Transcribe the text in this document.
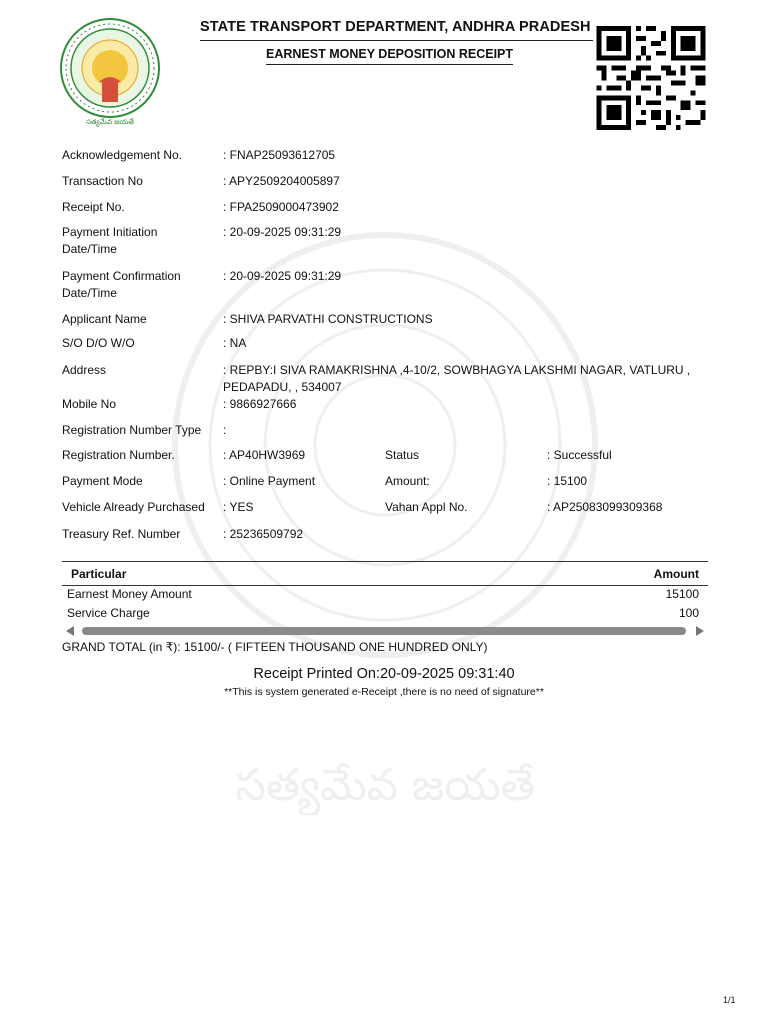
సత్యమేవ జయతే
సత్యమేవ జయతే
STATE TRANSPORT DEPARTMENT, ANDHRA PRADESH
EARNEST MONEY DEPOSITION RECEIPT
Acknowledgement No.	: FNAP25093612705
Transaction No	: APY2509204005897
Receipt No.	: FPA2509000473902
Payment Initiation
Date/Time
: 20-09-2025 09:31:29
Payment Confirmation
Date/Time
: 20-09-2025 09:31:29
Applicant Name	: SHIVA PARVATHI CONSTRUCTIONS
S/O D/O W/O	: NA
Address	: REPBY:I SIVA RAMAKRISHNA ,4-10/2, SOWBHAGYA LAKSHMI NAGAR, VATLURU ,
PEDAPADU, , 534007
Mobile No	: 9866927666
Registration Number Type :
Registration Number.	: AP40HW3969	Status	: Successful
Payment Mode	: Online Payment	Amount:	: 15100
Vehicle Already Purchased : YES	Vahan Appl No.	: AP25083099309368
Treasury Ref. Number	: 25236509792
Particular	Amount
Earnest Money Amount	15100
Service Charge	100
GRAND TOTAL (in ₹): 15100/- ( FIFTEEN THOUSAND ONE HUNDRED ONLY)
Receipt Printed On:20-09-2025 09:31:40
**This is system generated e-Receipt ,there is no need of signature**
1/1
